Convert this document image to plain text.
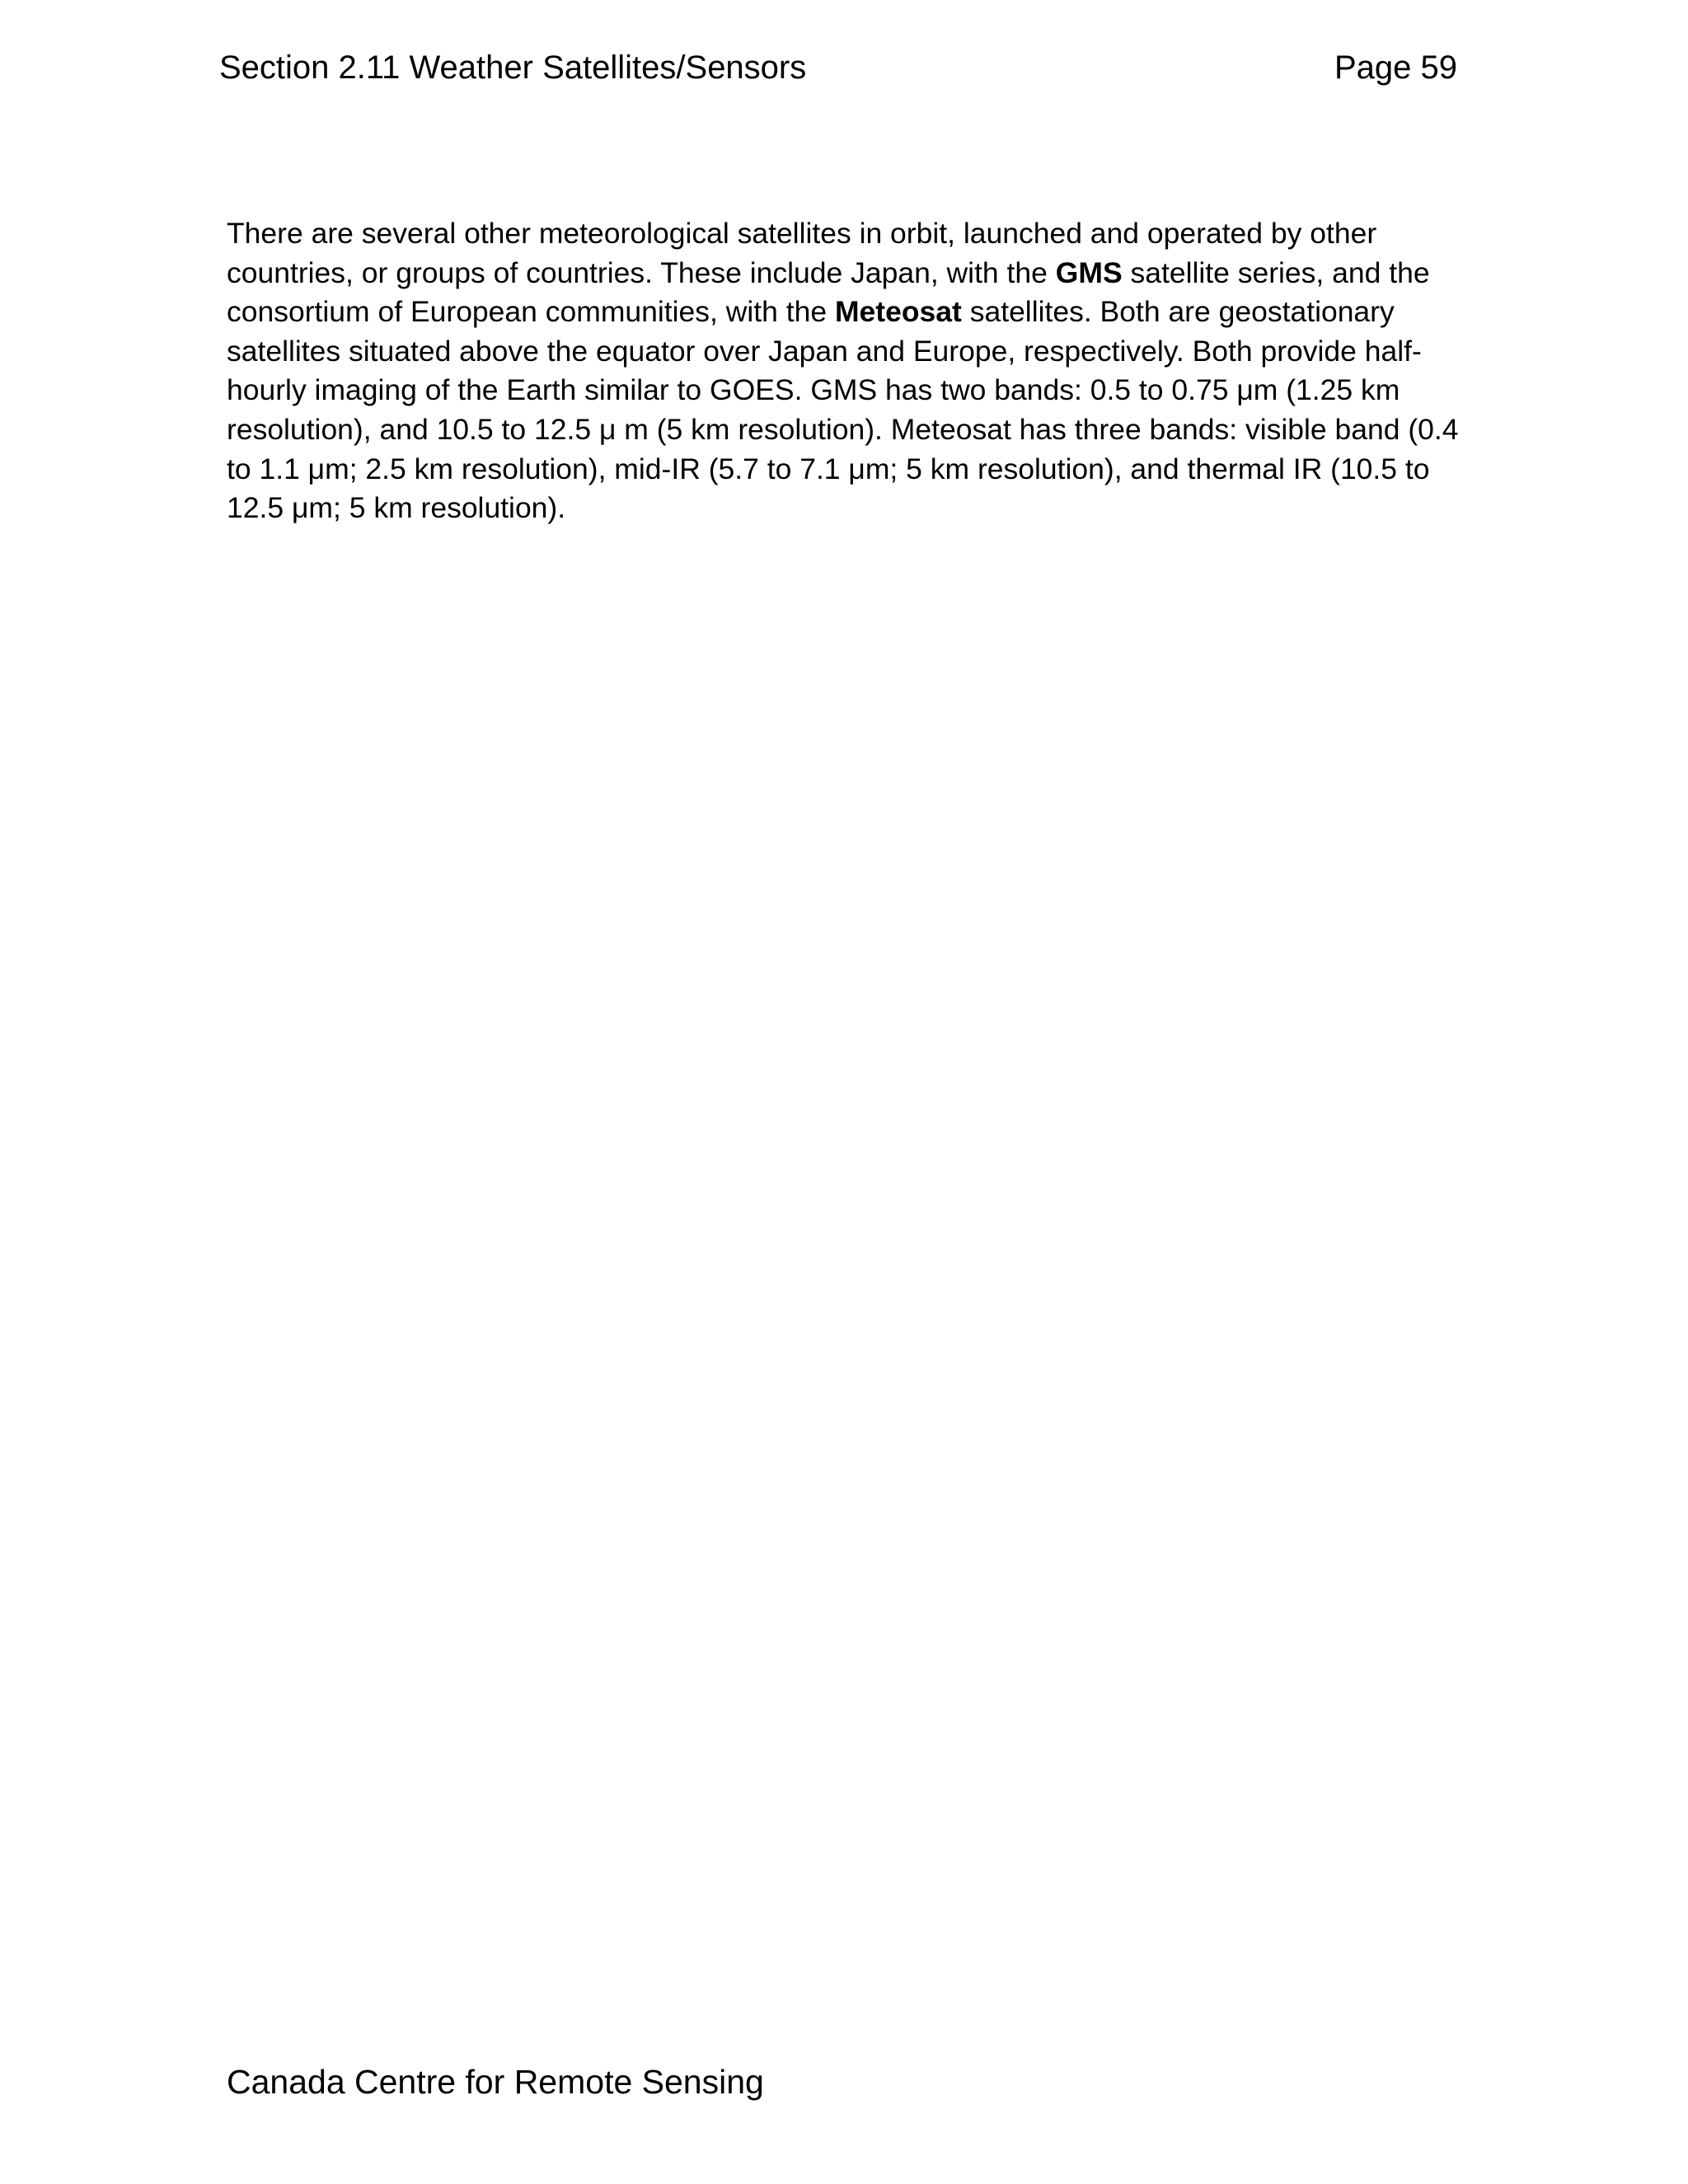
Section 2.11 Weather Satellites/Sensors	Page 59

There are several other meteorological satellites in orbit, launched and operated by other countries, or groups of countries. These include Japan, with the GMS satellite series, and the consortium of European communities, with the Meteosat satellites. Both are geostationary satellites situated above the equator over Japan and Europe, respectively. Both provide half-hourly imaging of the Earth similar to GOES. GMS has two bands: 0.5 to 0.75 μm (1.25 km resolution), and 10.5 to 12.5 μ m (5 km resolution). Meteosat has three bands: visible band (0.4 to 1.1 μm; 2.5 km resolution), mid-IR (5.7 to 7.1 μm; 5 km resolution), and thermal IR (10.5 to 12.5 μm; 5 km resolution).

Canada Centre for Remote Sensing
